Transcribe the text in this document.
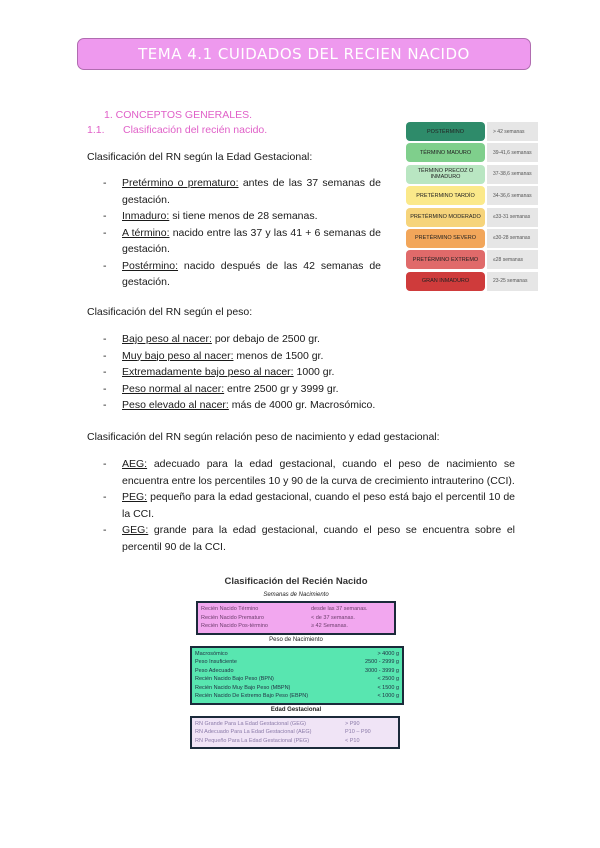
TEMA 4.1 CUIDADOS DEL RECIEN NACIDO
1. CONCEPTOS GENERALES.
1.1. Clasificación del recién nacido.
Clasificación del RN según la Edad Gestacional:
- Pretérmino o prematuro: antes de las 37 semanas de gestación.
- Inmaduro: si tiene menos de 28 semanas.
- A término: nacido entre las 37 y las 41 + 6 semanas de gestación.
- Postérmino: nacido después de las 42 semanas de gestación.
Clasificación del RN según el peso:
- Bajo peso al nacer: por debajo de 2500 gr.
- Muy bajo peso al nacer: menos de 1500 gr.
- Extremadamente bajo peso al nacer: 1000 gr.
- Peso normal al nacer: entre 2500 gr y 3999 gr.
- Peso elevado al nacer: más de 4000 gr. Macrosómico.
Clasificación del RN según relación peso de nacimiento y edad gestacional:
- AEG: adecuado para la edad gestacional, cuando el peso de nacimiento se encuentra entre los percentiles 10 y 90 de la curva de crecimiento intrauterino (CCI).
- PEG: pequeño para la edad gestacional, cuando el peso está bajo el percentil 10 de la CCI.
- GEG: grande para la edad gestacional, cuando el peso se encuentra sobre el percentil 90 de la CCI.
POSTÉRMINO	> 42 semanas
TÉRMINO MADURO	39-41,6 semanas
TÉRMINO PRECOZ O INMADURO	37-38,6 semanas
PRETÉRMINO TARDÍO	34-36,6 semanas
PRETÉRMINO MODERADO	≤33-31 semanas
PRETÉRMINO SEVERO	≤30-28 semanas
PRETÉRMINO EXTREMO	≤28 semanas
GRAN INMADURO	23-25 semanas
Clasificación del Recién Nacido
Semanas de Nacimiento
Recién Nacido Término	desde las 37 semanas.
Recién Nacido Prematuro	< de 37 semanas.
Recién Nacido Pos-término	≥ 42 Semanas.
Peso de Nacimiento
Macrosómico	> 4000 g
Peso Insuficiente	2500 - 2999 g
Peso Adecuado	3000 - 3999 g
Recién Nacido Bajo Peso (BPN)	< 2500 g
Recién Nacido Muy Bajo Peso (MBPN)	< 1500 g
Recién Nacido De Extremo Bajo Peso (EBPN)	< 1000 g
Edad Gestacional
RN Grande Para La Edad Gestacional (GEG)	> P90
RN Adecuado Para La Edad Gestacional (AEG)	P10 – P90
RN Pequeño Para La Edad Gestacional (PEG)	< P10
